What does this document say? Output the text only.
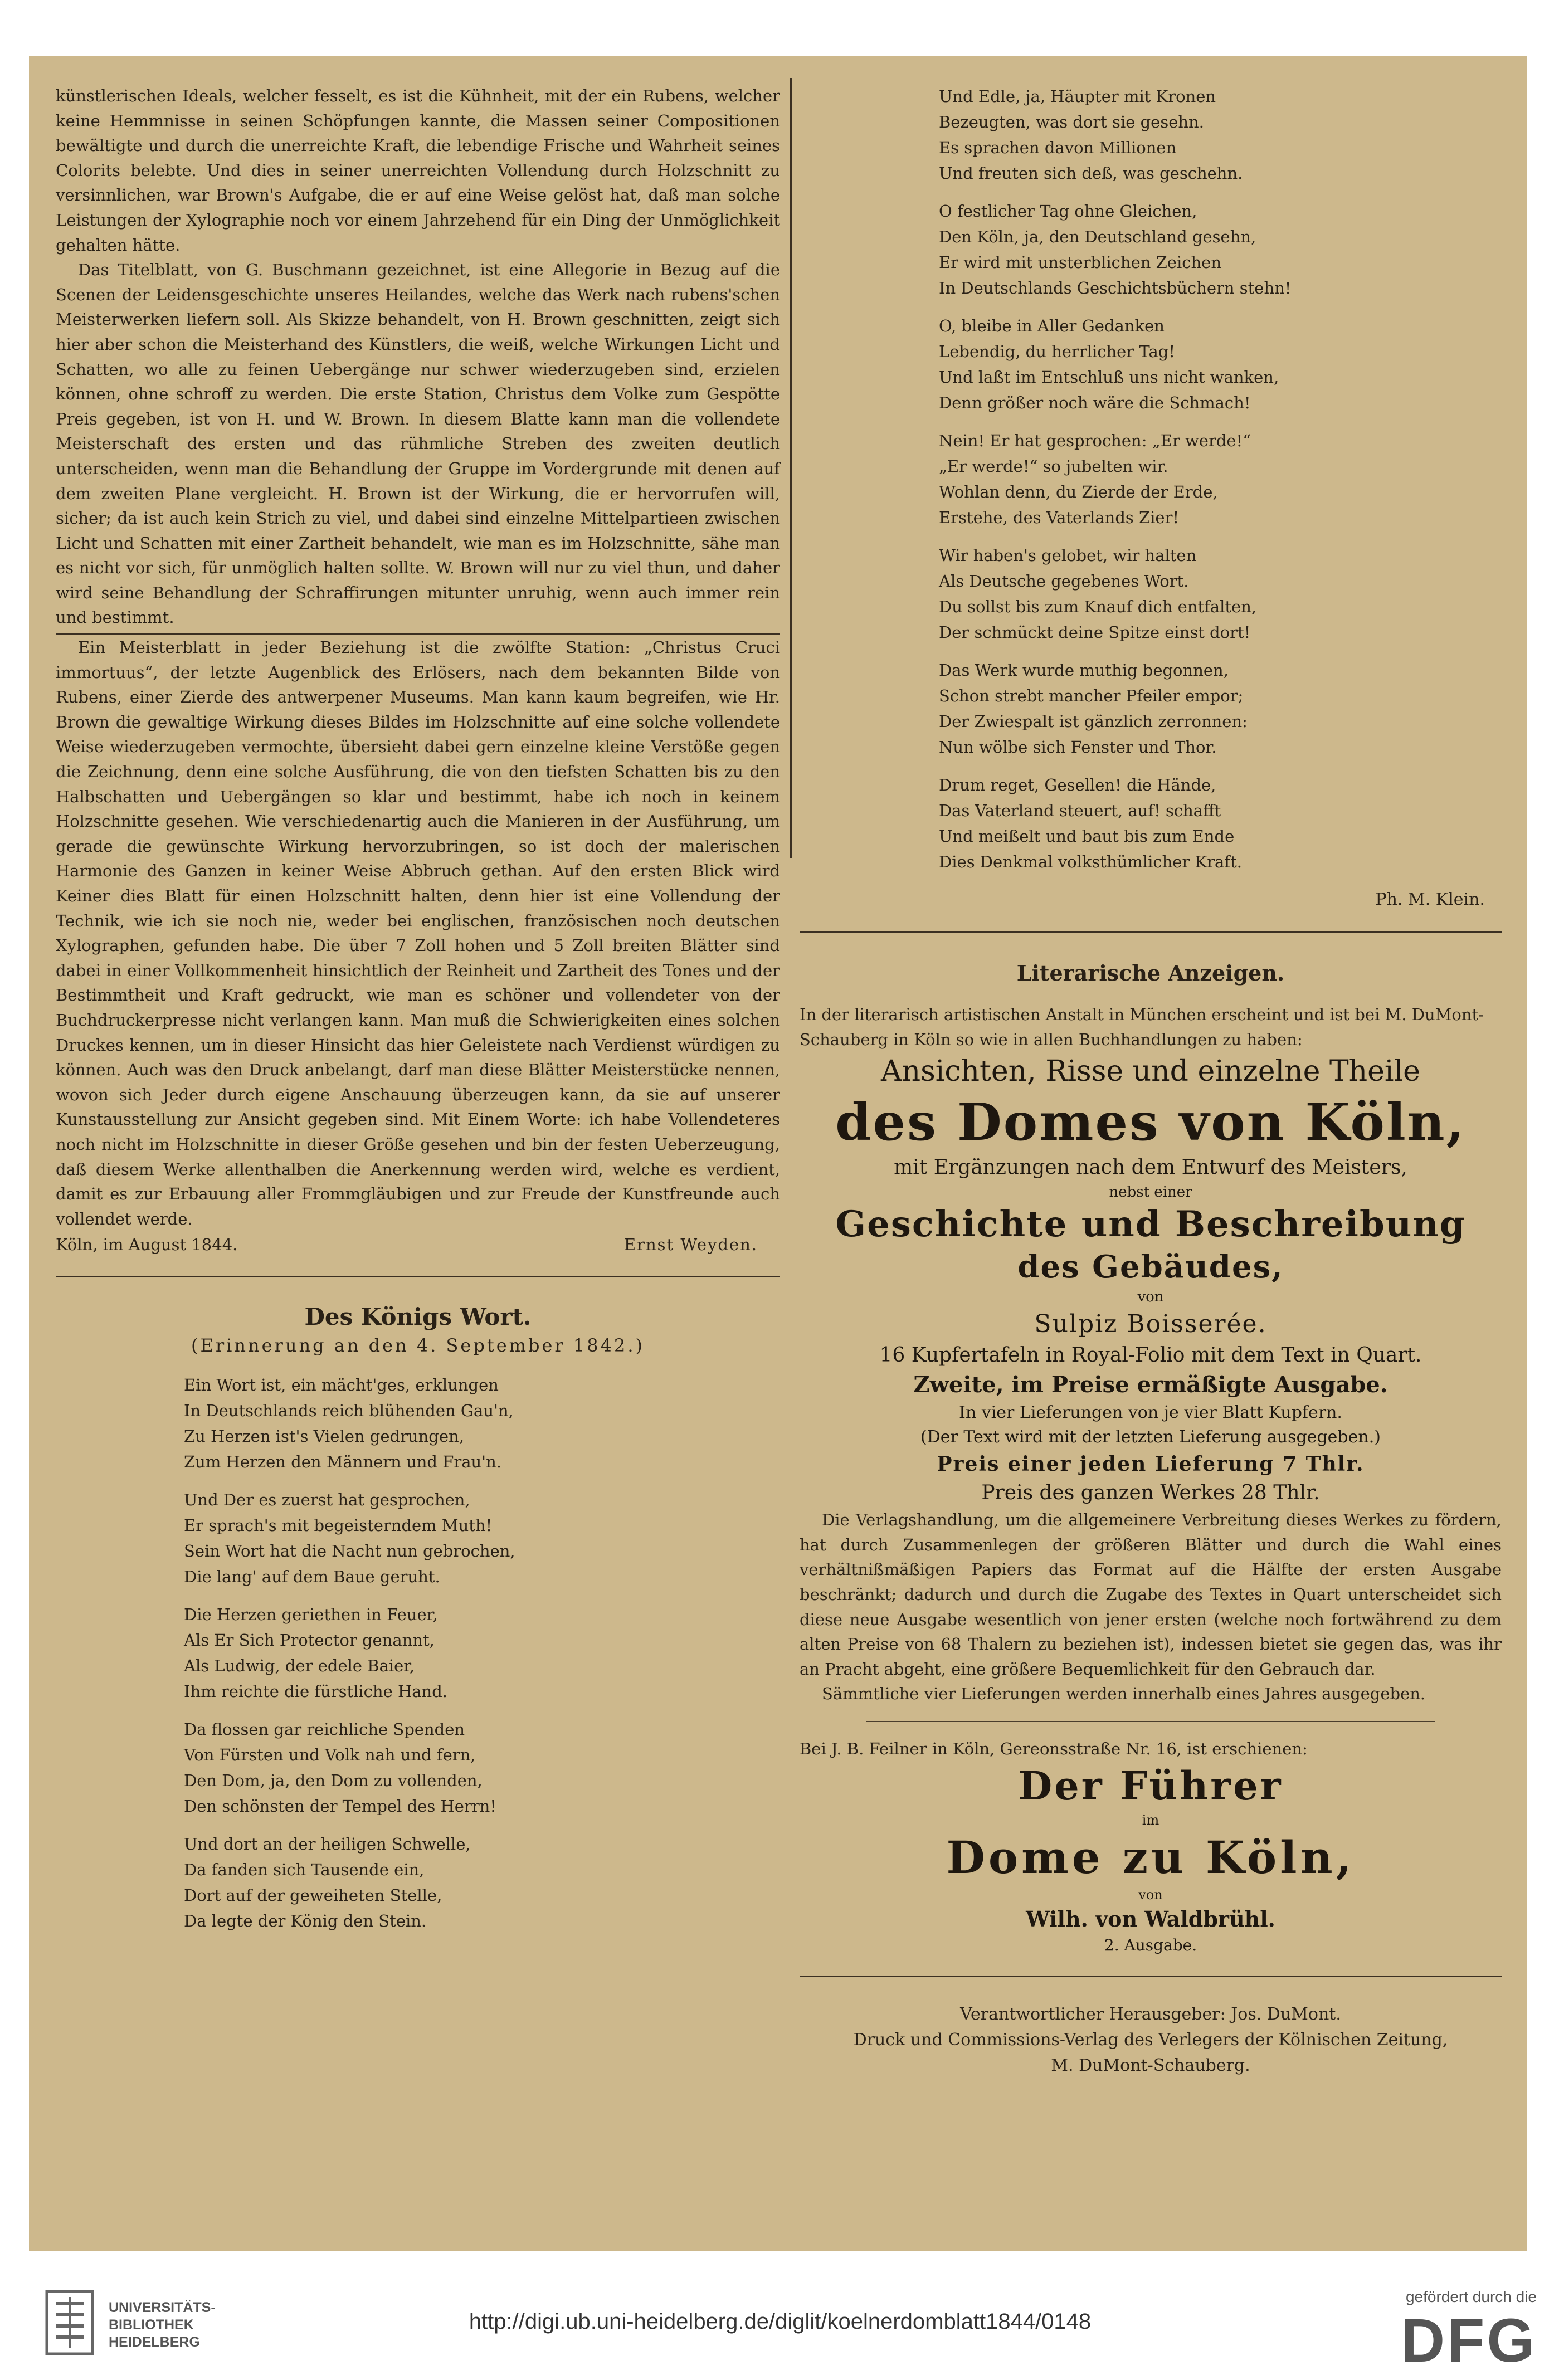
künstlerischen Ideals, welcher fesselt, es ist die Kühnheit, mit der ein Rubens, welcher keine Hemmnisse in seinen Schöpfungen kannte, die Massen seiner Compositionen bewältigte und durch die unerreichte Kraft, die lebendige Frische und Wahrheit seines Colorits belebte. Und dies in seiner unerreichten Vollendung durch Holzschnitt zu versinnlichen, war Brown's Aufgabe, die er auf eine Weise gelöst hat, daß man solche Leistungen der Xylographie noch vor einem Jahrzehend für ein Ding der Unmöglichkeit gehalten hätte.

Das Titelblatt, von G. Buschmann gezeichnet, ist eine Allegorie in Bezug auf die Scenen der Leidensgeschichte unseres Heilandes, welche das Werk nach rubens'schen Meisterwerken liefern soll. Als Skizze behandelt, von H. Brown geschnitten, zeigt sich hier aber schon die Meisterhand des Künstlers, die weiß, welche Wirkungen Licht und Schatten, wo alle zu feinen Uebergänge nur schwer wiederzugeben sind, erzielen können, ohne schroff zu werden. Die erste Station, Christus dem Volke zum Gespötte Preis gegeben, ist von H. und W. Brown. In diesem Blatte kann man die vollendete Meisterschaft des ersten und das rühmliche Streben des zweiten deutlich unterscheiden, wenn man die Behandlung der Gruppe im Vordergrunde mit denen auf dem zweiten Plane vergleicht. H. Brown ist der Wirkung, die er hervorrufen will, sicher; da ist auch kein Strich zu viel, und dabei sind einzelne Mittelpartieen zwischen Licht und Schatten mit einer Zartheit behandelt, wie man es im Holzschnitte, sähe man es nicht vor sich, für unmöglich halten sollte. W. Brown will nur zu viel thun, und daher wird seine Behandlung der Schraffirungen mitunter unruhig, wenn auch immer rein und bestimmt.

Ein Meisterblatt in jeder Beziehung ist die zwölfte Station: „Christus Cruci immortuus“, der letzte Augenblick des Erlösers, nach dem bekannten Bilde von Rubens, einer Zierde des antwerpener Museums. Man kann kaum begreifen, wie Hr. Brown die gewaltige Wirkung dieses Bildes im Holzschnitte auf eine solche vollendete Weise wiederzugeben vermochte, übersieht dabei gern einzelne kleine Verstöße gegen die Zeichnung, denn eine solche Ausführung, die von den tiefsten Schatten bis zu den Halbschatten und Uebergängen so klar und bestimmt, habe ich noch in keinem Holzschnitte gesehen. Wie verschiedenartig auch die Manieren in der Ausführung, um gerade die gewünschte Wirkung hervorzubringen, so ist doch der malerischen Harmonie des Ganzen in keiner Weise Abbruch gethan. Auf den ersten Blick wird Keiner dies Blatt für einen Holzschnitt halten, denn hier ist eine Vollendung der Technik, wie ich sie noch nie, weder bei englischen, französischen noch deutschen Xylographen, gefunden habe. Die über 7 Zoll hohen und 5 Zoll breiten Blätter sind dabei in einer Vollkommenheit hinsichtlich der Reinheit und Zartheit des Tones und der Bestimmtheit und Kraft gedruckt, wie man es schöner und vollendeter von der Buchdruckerpresse nicht verlangen kann. Man muß die Schwierigkeiten eines solchen Druckes kennen, um in dieser Hinsicht das hier Geleistete nach Verdienst würdigen zu können. Auch was den Druck anbelangt, darf man diese Blätter Meisterstücke nennen, wovon sich Jeder durch eigene Anschauung überzeugen kann, da sie auf unserer Kunstausstellung zur Ansicht gegeben sind. Mit Einem Worte: ich habe Vollendeteres noch nicht im Holzschnitte in dieser Größe gesehen und bin der festen Ueberzeugung, daß diesem Werke allenthalben die Anerkennung werden wird, welche es verdient, damit es zur Erbauung aller Frommgläubigen und zur Freude der Kunstfreunde auch vollendet werde.

Köln, im August 1844.	Ernst Weyden.

Des Königs Wort.

(Erinnerung an den 4. September 1842.)

Ein Wort ist, ein mächt'ges, erklungen
In Deutschlands reich blühenden Gau'n,
Zu Herzen ist's Vielen gedrungen,
Zum Herzen den Männern und Frau'n.
Und Der es zuerst hat gesprochen,
Er sprach's mit begeisterndem Muth!
Sein Wort hat die Nacht nun gebrochen,
Die lang' auf dem Baue geruht.
Die Herzen geriethen in Feuer,
Als Er Sich Protector genannt,
Als Ludwig, der edele Baier,
Ihm reichte die fürstliche Hand.
Da flossen gar reichliche Spenden
Von Fürsten und Volk nah und fern,
Den Dom, ja, den Dom zu vollenden,
Den schönsten der Tempel des Herrn!
Und dort an der heiligen Schwelle,
Da fanden sich Tausende ein,
Dort auf der geweiheten Stelle,
Da legte der König den Stein.
Und Edle, ja, Häupter mit Kronen
Bezeugten, was dort sie gesehn.
Es sprachen davon Millionen
Und freuten sich deß, was geschehn.
O festlicher Tag ohne Gleichen,
Den Köln, ja, den Deutschland gesehn,
Er wird mit unsterblichen Zeichen
In Deutschlands Geschichtsbüchern stehn!
O, bleibe in Aller Gedanken
Lebendig, du herrlicher Tag!
Und laßt im Entschluß uns nicht wanken,
Denn größer noch wäre die Schmach!
Nein! Er hat gesprochen: „Er werde!“
„Er werde!“ so jubelten wir.
Wohlan denn, du Zierde der Erde,
Erstehe, des Vaterlands Zier!
Wir haben's gelobet, wir halten
Als Deutsche gegebenes Wort.
Du sollst bis zum Knauf dich entfalten,
Der schmückt deine Spitze einst dort!
Das Werk wurde muthig begonnen,
Schon strebt mancher Pfeiler empor;
Der Zwiespalt ist gänzlich zerronnen:
Nun wölbe sich Fenster und Thor.
Drum reget, Gesellen! die Hände,
Das Vaterland steuert, auf! schafft
Und meißelt und baut bis zum Ende
Dies Denkmal volksthümlicher Kraft.
Ph. M. Klein.

Literarische Anzeigen.

In der literarisch artistischen Anstalt in München erscheint und ist bei M. DuMont-Schauberg in Köln so wie in allen Buchhandlungen zu haben:

Ansichten, Risse und einzelne Theile

des Domes von Köln,

mit Ergänzungen nach dem Entwurf des Meisters,

nebst einer

Geschichte und Beschreibung

des Gebäudes,

von

Sulpiz Boisserée.

16 Kupfertafeln in Royal-Folio mit dem Text in Quart.

Zweite, im Preise ermäßigte Ausgabe.

In vier Lieferungen von je vier Blatt Kupfern.

(Der Text wird mit der letzten Lieferung ausgegeben.)

Preis einer jeden Lieferung 7 Thlr.

Preis des ganzen Werkes 28 Thlr.

Die Verlagshandlung, um die allgemeinere Verbreitung dieses Werkes zu fördern, hat durch Zusammenlegen der größeren Blätter und durch die Wahl eines verhältnißmäßigen Papiers das Format auf die Hälfte der ersten Ausgabe beschränkt; dadurch und durch die Zugabe des Textes in Quart unterscheidet sich diese neue Ausgabe wesentlich von jener ersten (welche noch fortwährend zu dem alten Preise von 68 Thalern zu beziehen ist), indessen bietet sie gegen das, was ihr an Pracht abgeht, eine größere Bequemlichkeit für den Gebrauch dar.

Sämmtliche vier Lieferungen werden innerhalb eines Jahres ausgegeben.

Bei J. B. Feilner in Köln, Gereonsstraße Nr. 16, ist erschienen:

Der Führer

im

Dome zu Köln,

von

Wilh. von Waldbrühl.

2. Ausgabe.

Verantwortlicher Herausgeber: Jos. DuMont.

Druck und Commissions-Verlag des Verlegers der Kölnischen Zeitung,

M. DuMont-Schauberg.

UNIVERSITÄTS-
BIBLIOTHEK
HEIDELBERG
http://digi.ub.uni-heidelberg.de/diglit/koelnerdomblatt1844/0148
gefördert durch die
DFG
